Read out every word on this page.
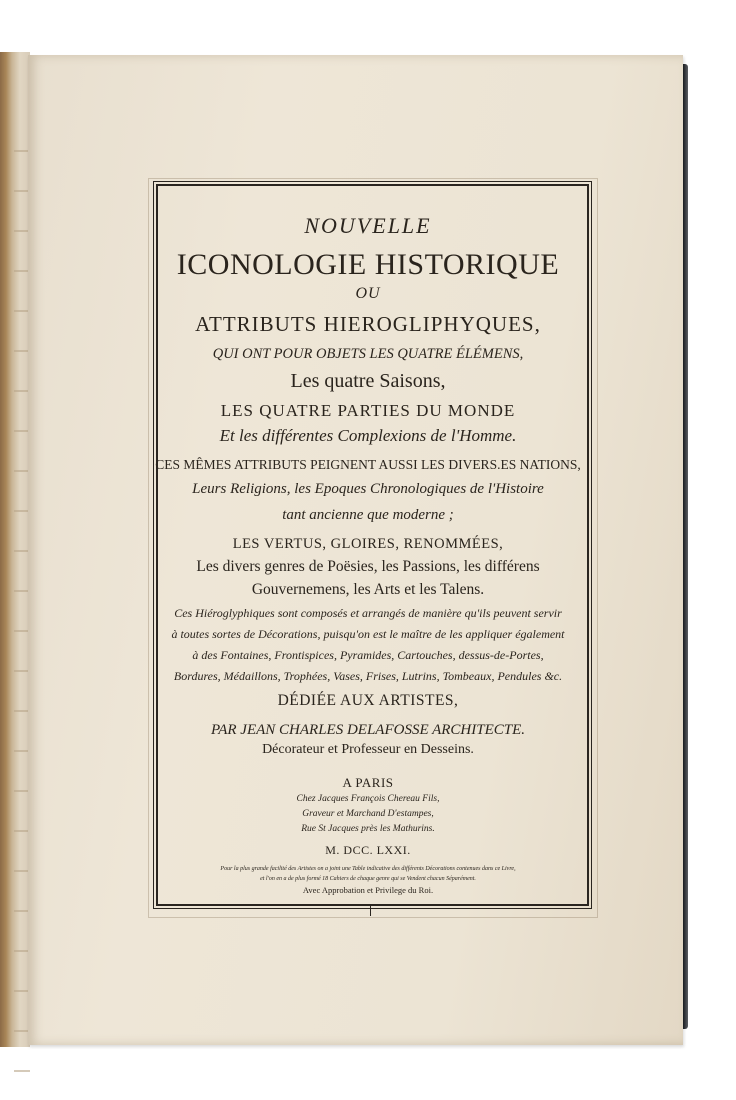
NOUVELLE
ICONOLOGIE HISTORIQUE
OU
ATTRIBUTS HIEROGLIPHYQUES,
QUI ONT POUR OBJETS LES QUATRE ÉLÉMENS,
Les quatre Saisons,
LES QUATRE PARTIES DU MONDE
Et les différentes Complexions de l'Homme.
CES MÊMES ATTRIBUTS PEIGNENT AUSSI LES DIVERS.ES NATIONS,
Leurs Religions, les Epoques Chronologiques de l'Histoire
tant ancienne que moderne ;
LES VERTUS, GLOIRES, RENOMMÉES,
Les divers genres de Poësies, les Passions, les différens
Gouvernemens, les Arts et les Talens.
Ces Hiéroglyphiques sont composés et arrangés de manière qu'ils peuvent servir
à toutes sortes de Décorations, puisqu'on est le maître de les appliquer également
à des Fontaines, Frontispices, Pyramides, Cartouches, dessus-de-Portes,
Bordures, Médaillons, Trophées, Vases, Frises, Lutrins, Tombeaux, Pendules &c.
DÉDIÉE AUX ARTISTES,
PAR JEAN CHARLES DELAFOSSE ARCHITECTE.
Décorateur et Professeur en Desseins.
A PARIS
Chez Jacques François Chereau Fils,
Graveur et Marchand D'estampes,
Rue St Jacques près les Mathurins.
M. DCC. LXXI.
Pour la plus grande facilité des Artistes on a joint une Table indicative des différents Décorations contenues dans ce Livre,
et l'on en a de plus formé 18 Cahiers de chaque genre qui se Vendent chacun Séparément.
Avec Approbation et Privilege du Roi.
